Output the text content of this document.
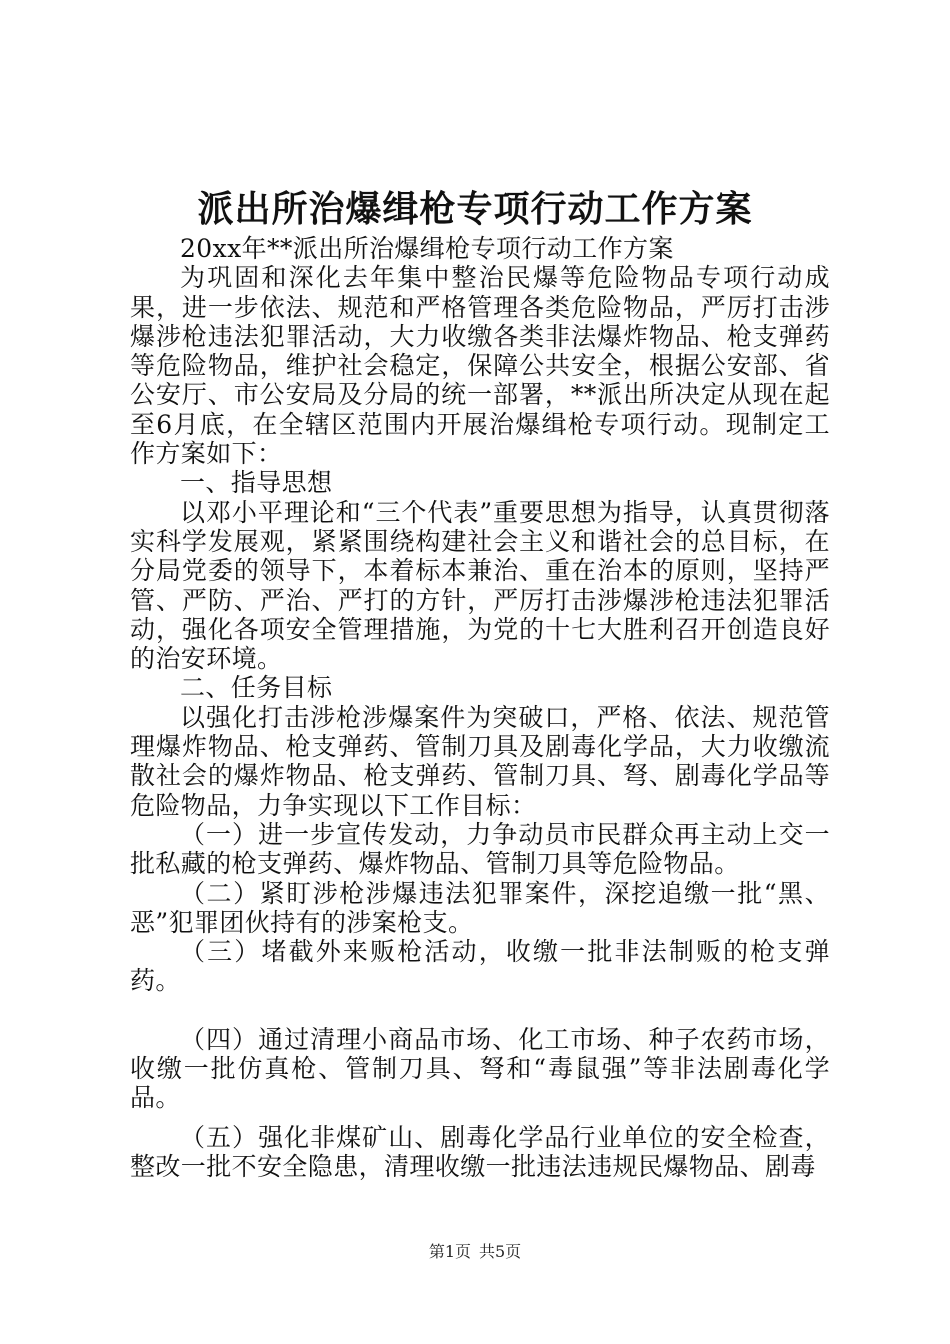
派出所治爆缉枪专项行动工作方案

20xx年**派出所治爆缉枪专项行动工作方案

为巩固和深化去年集中整治民爆等危险物品专项行动成果，进一步依法、规范和严格管理各类危险物品，严厉打击涉爆涉枪违法犯罪活动，大力收缴各类非法爆炸物品、枪支弹药等危险物品，维护社会稳定，保障公共安全，根据公安部、省公安厅、市公安局及分局的统一部署，**派出所决定从现在起至6月底，在全辖区范围内开展治爆缉枪专项行动。现制定工作方案如下：

一、指导思想

以邓小平理论和“三个代表”重要思想为指导，认真贯彻落实科学发展观，紧紧围绕构建社会主义和谐社会的总目标，在分局党委的领导下，本着标本兼治、重在治本的原则，坚持严管、严防、严治、严打的方针，严厉打击涉爆涉枪违法犯罪活动，强化各项安全管理措施，为党的十七大胜利召开创造良好的治安环境。

二、任务目标

以强化打击涉枪涉爆案件为突破口，严格、依法、规范管理爆炸物品、枪支弹药、管制刀具及剧毒化学品，大力收缴流散社会的爆炸物品、枪支弹药、管制刀具、弩、剧毒化学品等危险物品，力争实现以下工作目标：

（一）进一步宣传发动，力争动员市民群众再主动上交一批私藏的枪支弹药、爆炸物品、管制刀具等危险物品。

（二）紧盯涉枪涉爆违法犯罪案件，深挖追缴一批“黑、恶”犯罪团伙持有的涉案枪支。

（三）堵截外来贩枪活动，收缴一批非法制贩的枪支弹药。

（四）通过清理小商品市场、化工市场、种子农药市场，收缴一批仿真枪、管制刀具、弩和“毒鼠强”等非法剧毒化学品。

（五）强化非煤矿山、剧毒化学品行业单位的安全检查，整改一批不安全隐患，清理收缴一批违法违规民爆物品、剧毒

第1页 共5页
